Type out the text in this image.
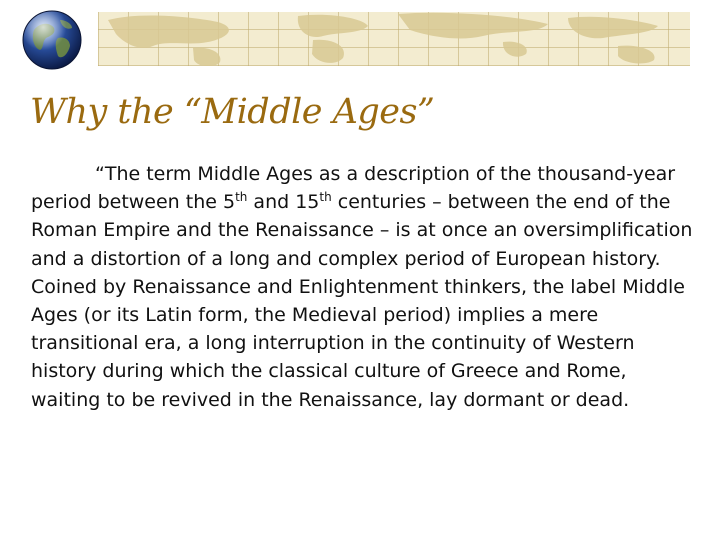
Why the “Middle Ages”

“The term Middle Ages as a description of the thousand-year period between the 5th and 15th centuries – between the end of the Roman Empire and the Renaissance – is at once an oversimplification and a distortion of a long and complex period of European history. Coined by Renaissance and Enlightenment thinkers, the label Middle Ages (or its Latin form, the Medieval period) implies a mere transitional era, a long interruption in the continuity of Western history during which the classical culture of Greece and Rome, waiting to be revived in the Renaissance, lay dormant or dead.
